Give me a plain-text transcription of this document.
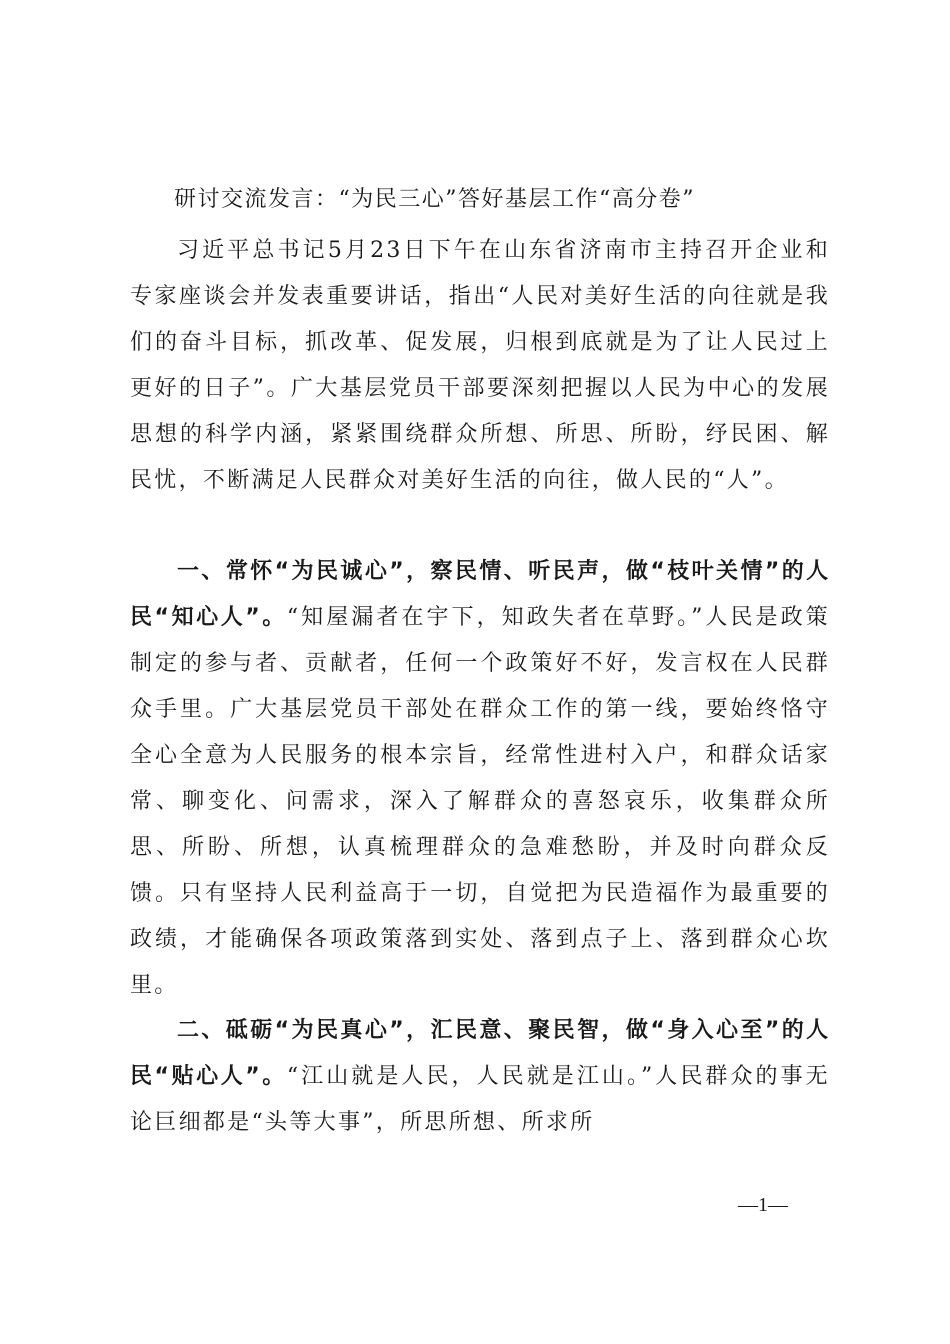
研讨交流发言：“为民三心”答好基层工作“高分卷”

习近平总书记5月23日下午在山东省济南市主持召开企业和专家座谈会并发表重要讲话，指出“人民对美好生活的向往就是我们的奋斗目标，抓改革、促发展，归根到底就是为了让人民过上更好的日子”。广大基层党员干部要深刻把握以人民为中心的发展思想的科学内涵，紧紧围绕群众所想、所思、所盼，纾民困、解民忧，不断满足人民群众对美好生活的向往，做人民的“人”。

一、常怀“为民诚心”，察民情、听民声，做“枝叶关情”的人民“知心人”。“知屋漏者在宇下，知政失者在草野。”人民是政策制定的参与者、贡献者，任何一个政策好不好，发言权在人民群众手里。广大基层党员干部处在群众工作的第一线，要始终恪守全心全意为人民服务的根本宗旨，经常性进村入户，和群众话家常、聊变化、问需求，深入了解群众的喜怒哀乐，收集群众所思、所盼、所想，认真梳理群众的急难愁盼，并及时向群众反馈。只有坚持人民利益高于一切，自觉把为民造福作为最重要的政绩，才能确保各项政策落到实处、落到点子上、落到群众心坎里。

二、砥砺“为民真心”，汇民意、聚民智，做“身入心至”的人民“贴心人”。“江山就是人民，人民就是江山。”人民群众的事无论巨细都是“头等大事”，所思所想、所求所

—1—
